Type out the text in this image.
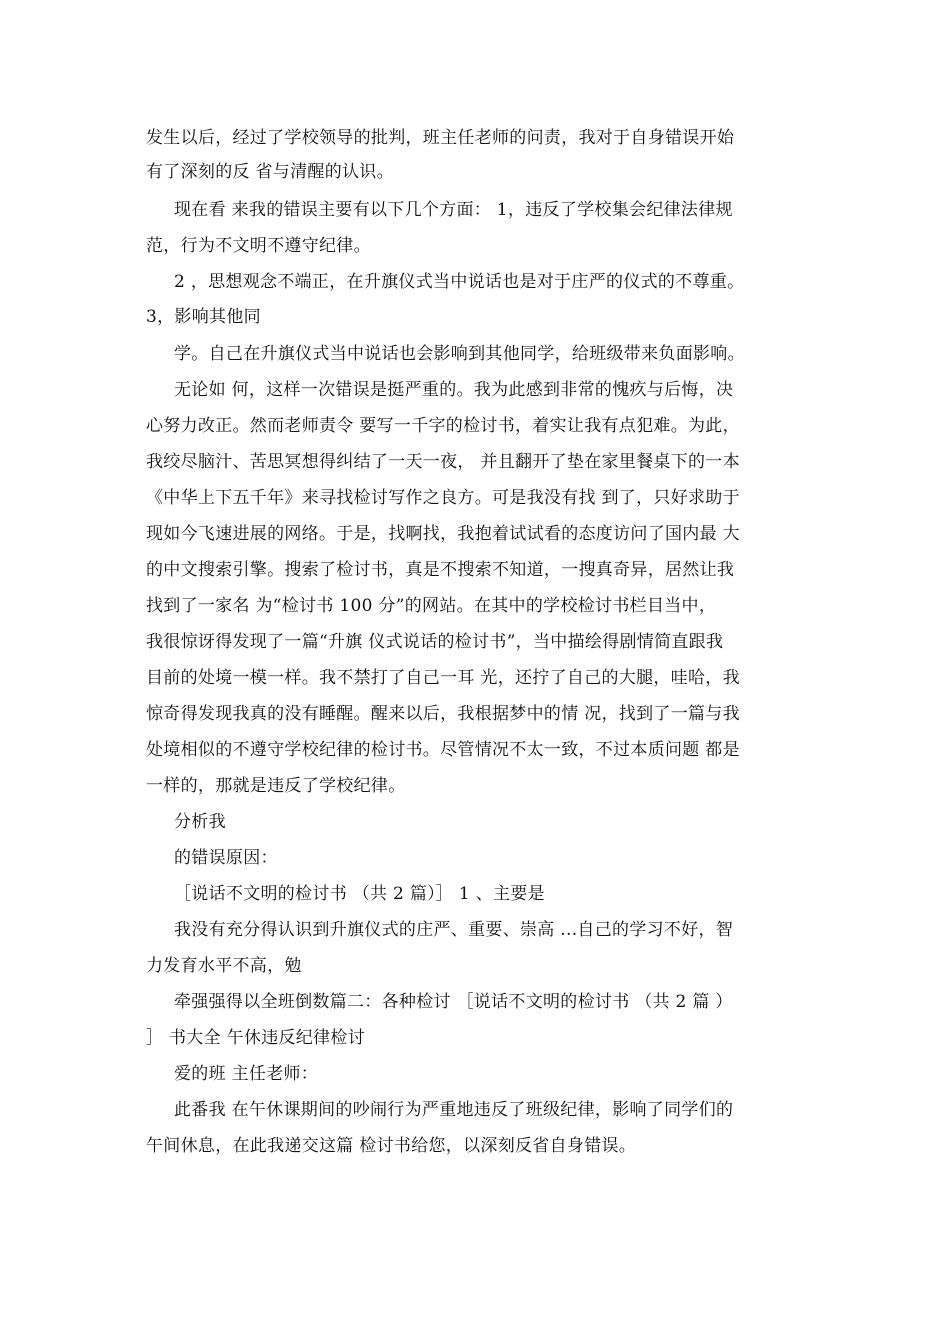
发生以后，经过了学校领导的批判，班主任老师的问责，我对于自身错误开始
有了深刻的反 省与清醒的认识。
现在看 来我的错误主要有以下几个方面： 1，违反了学校集会纪律法律规
范，行为不文明不遵守纪律。
2 ，思想观念不端正，在升旗仪式当中说话也是对于庄严的仪式的不尊重。
3，影响其他同
学。自己在升旗仪式当中说话也会影响到其他同学，给班级带来负面影响。
无论如 何，这样一次错误是挺严重的。我为此感到非常的愧疚与后悔，决
心努力改正。然而老师责令 要写一千字的检讨书，着实让我有点犯难。为此，
我绞尽脑汁、苦思冥想得纠结了一天一夜， 并且翻开了垫在家里餐桌下的一本
《中华上下五千年》来寻找检讨写作之良方。可是我没有找 到了，只好求助于
现如今飞速进展的网络。于是，找啊找，我抱着试试看的态度访问了国内最 大
的中文搜索引擎。搜索了检讨书，真是不搜索不知道，一搜真奇异，居然让我
找到了一家名 为“检讨书 100 分”的网站。在其中的学校检讨书栏目当中，
我很惊讶得发现了一篇“升旗 仪式说话的检讨书”，当中描绘得剧情简直跟我
目前的处境一模一样。我不禁打了自己一耳 光，还拧了自己的大腿，哇哈，我
惊奇得发现我真的没有睡醒。醒来以后，我根据梦中的情 况，找到了一篇与我
处境相似的不遵守学校纪律的检讨书。尽管情况不太一致，不过本质问题 都是
一样的，那就是违反了学校纪律。
分析我
的错误原因：
［说话不文明的检讨书 （共 2 篇）］ 1 、主要是
我没有充分得认识到升旗仪式的庄严、重要、崇高 ...自己的学习不好，智
力发育水平不高，勉
牵强强得以全班倒数篇二：各种检讨 ［说话不文明的检讨书 （共 2 篇 ）
］ 书大全 午休违反纪律检讨
爱的班 主任老师：
此番我 在午休课期间的吵闹行为严重地违反了班级纪律，影响了同学们的
午间休息，在此我递交这篇 检讨书给您，以深刻反省自身错误。
